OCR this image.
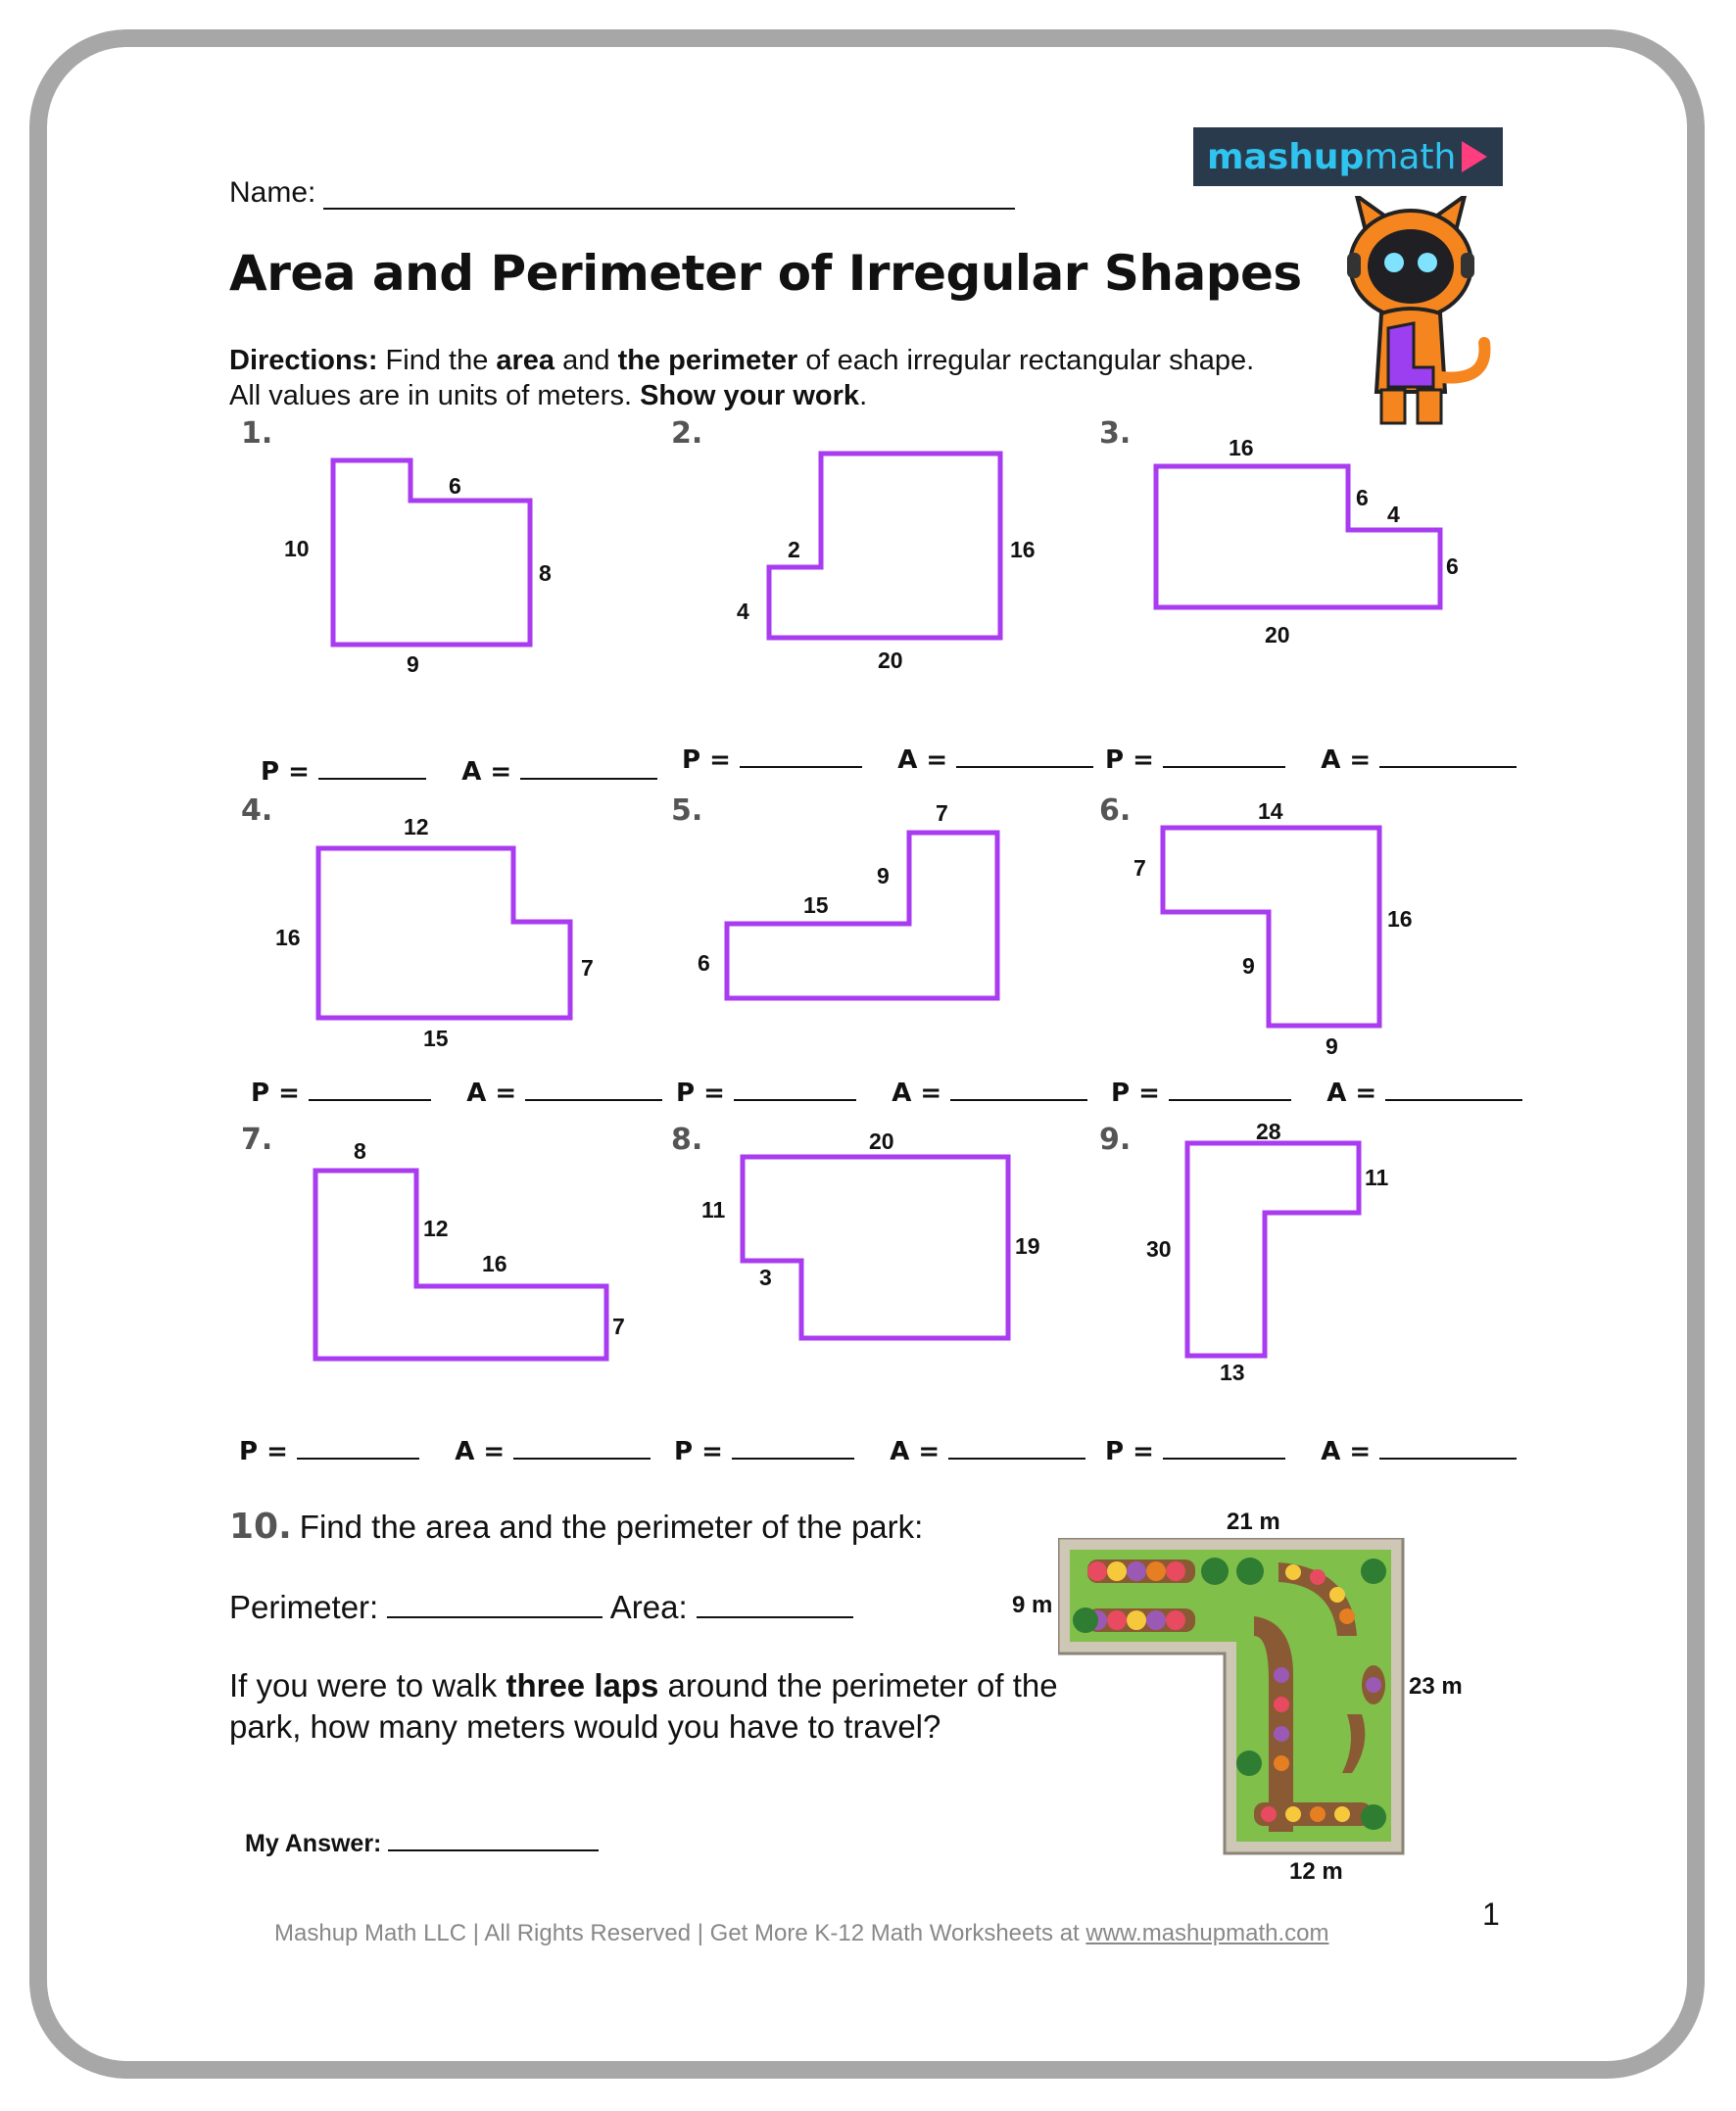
mashup math
Name:
Area and Perimeter of Irregular Shapes
Directions: Find the area and the perimeter of each irregular rectangular shape.
All values are in units of meters. Show your work.
1.	2.	3.
4.	5.	6.
7.	8.	9.
6
10
8
9
2	16
4
20
16
6
4
6
20
12
16
7
15
7
9
15
6
14
7
16
9
9
8
12
16
7
20
11
19
3
28
11
30
13
P =	A =	P =	A =	P =	A =
P =	A =	P =	A =	P =	A =
P =	A =	P =	A =	P =	A =
10. Find the area and the perimeter of the park:
Perimeter:	Area:
If you were to walk three laps around the perimeter of the park, how many meters would you have to travel?
My Answer:
21 m
9 m
23 m
12 m
Mashup Math LLC | All Rights Reserved | Get More K-12 Math Worksheets at www.mashupmath.com
1
